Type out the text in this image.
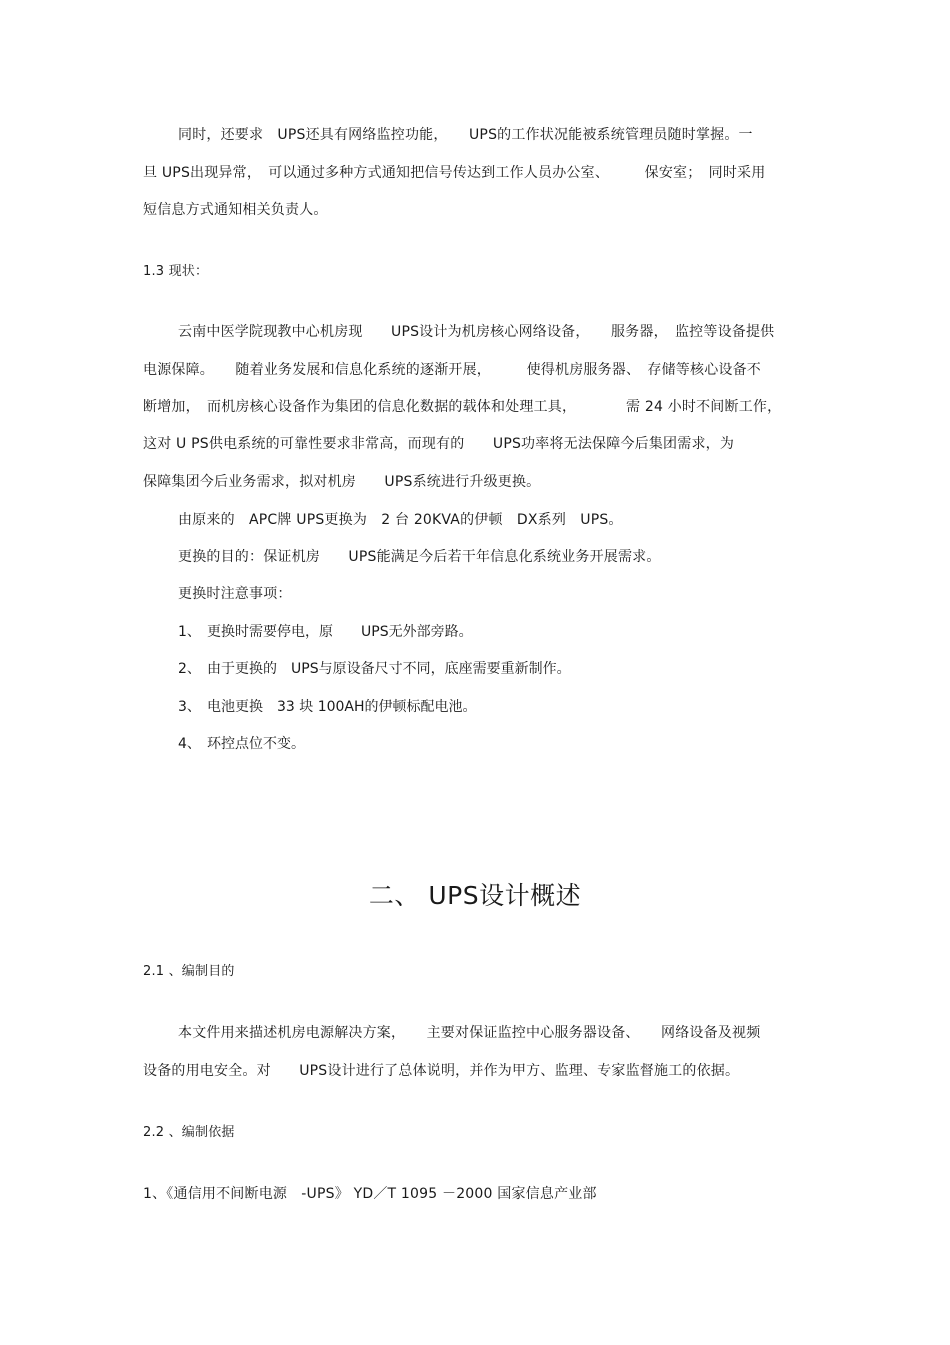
同时，还要求　UPS还具有网络监控功能，　　UPS的工作状况能被系统管理员随时掌握。一
旦 UPS出现异常，　可以通过多种方式通知把信号传达到工作人员办公室、　　　保安室；　同时采用
短信息方式通知相关负责人。
1.3 现状：
云南中医学院现教中心机房现　　UPS设计为机房核心网络设备，　　服务器，　监控等设备提供
电源保障。　　随着业务发展和信息化系统的逐渐开展，　　　使得机房服务器、　存储等核心设备不
断增加，　而机房核心设备作为集团的信息化数据的载体和处理工具，　　　　需 24 小时不间断工作，
这对 U PS供电系统的可靠性要求非常高，而现有的　　UPS功率将无法保障今后集团需求，为
保障集团今后业务需求，拟对机房　　UPS系统进行升级更换。
由原来的　APC牌 UPS更换为　2 台 20KVA的伊顿　DX系列　UPS。
更换的目的：保证机房　　UPS能满足今后若干年信息化系统业务开展需求。
更换时注意事项：
1、 更换时需要停电，原　　UPS无外部旁路。
2、 由于更换的　UPS与原设备尺寸不同，底座需要重新制作。
3、 电池更换　33 块 100AH的伊顿标配电池。
4、 环控点位不变。
二、 UPS设计概述
2.1 、编制目的
本文件用来描述机房电源解决方案，　　主要对保证监控中心服务器设备、　　网络设备及视频
设备的用电安全。对　　UPS设计进行了总体说明，并作为甲方、监理、专家监督施工的依据。
2.2 、编制依据
1、《通信用不间断电源　-UPS》 YD／T 1095 －2000 国家信息产业部
